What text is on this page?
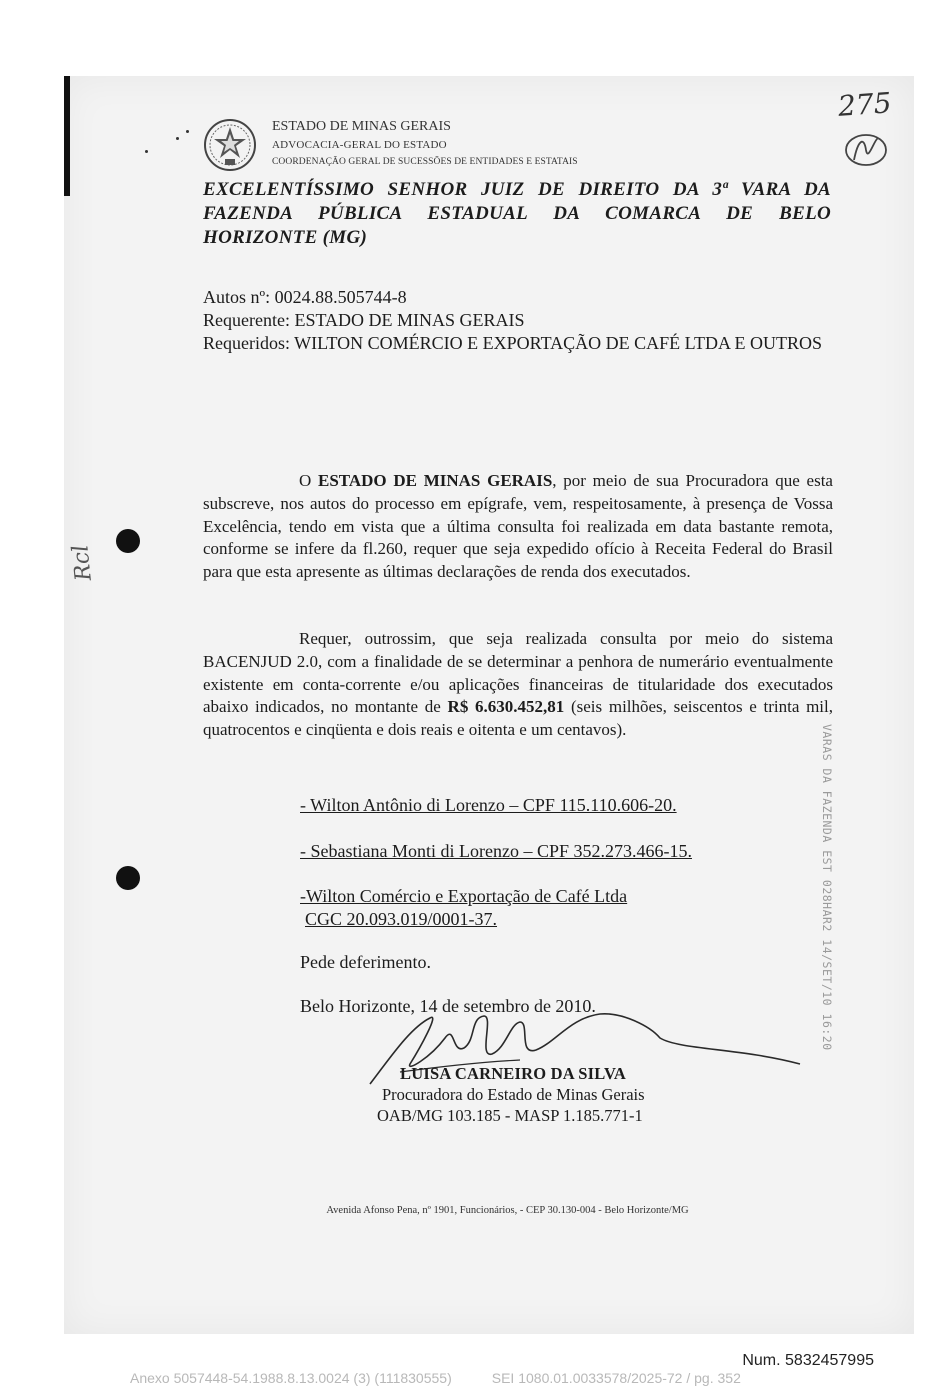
ESTADO DE MINAS GERAIS
ADVOCACIA-GERAL DO ESTADO
COORDENAÇÃO GERAL DE SUCESSÕES DE ENTIDADES E ESTATAIS
275
EXCELENTÍSSIMO SENHOR JUIZ DE DIREITO DA 3ª VARA DA
FAZENDA PÚBLICA ESTADUAL DA COMARCA DE BELO
HORIZONTE (MG)
Autos nº: 0024.88.505744-8
Requerente: ESTADO DE MINAS GERAIS
Requeridos: WILTON COMÉRCIO E EXPORTAÇÃO DE CAFÉ LTDA E OUTROS
O ESTADO DE MINAS GERAIS, por meio de sua Procuradora que esta subscreve, nos autos do processo em epígrafe, vem, respeitosamente, à presença de Vossa Excelência, tendo em vista que a última consulta foi realizada em data bastante remota, conforme se infere da fl.260, requer que seja expedido ofício à Receita Federal do Brasil para que esta apresente as últimas declarações de renda dos executados.
Requer, outrossim, que seja realizada consulta por meio do sistema BACENJUD 2.0, com a finalidade de se determinar a penhora de numerário eventualmente existente em conta-corrente e/ou aplicações financeiras de titularidade dos executados abaixo indicados, no montante de R$ 6.630.452,81 (seis milhões, seiscentos e trinta mil, quatrocentos e cinqüenta e dois reais e oitenta e um centavos).
- Wilton Antônio di Lorenzo – CPF 115.110.606-20.
- Sebastiana Monti di Lorenzo – CPF 352.273.466-15.
-Wilton Comércio e Exportação de Café Ltda
CGC 20.093.019/0001-37.
Pede deferimento.
Belo Horizonte, 14 de setembro de 2010.
LUISA CARNEIRO DA SILVA
Procuradora do Estado de Minas Gerais
OAB/MG 103.185 - MASP 1.185.771-1
Avenida Afonso Pena, nº 1901, Funcionários, - CEP 30.130-004 - Belo Horizonte/MG
VARAS DA FAZENDA EST 028HAR2 14/SET/10 16:20
Rcl
Num. 5832457995
Anexo 5057448-54.1988.8.13.0024 (3) (111830555)	SEI 1080.01.0033578/2025-72 / pg. 352
